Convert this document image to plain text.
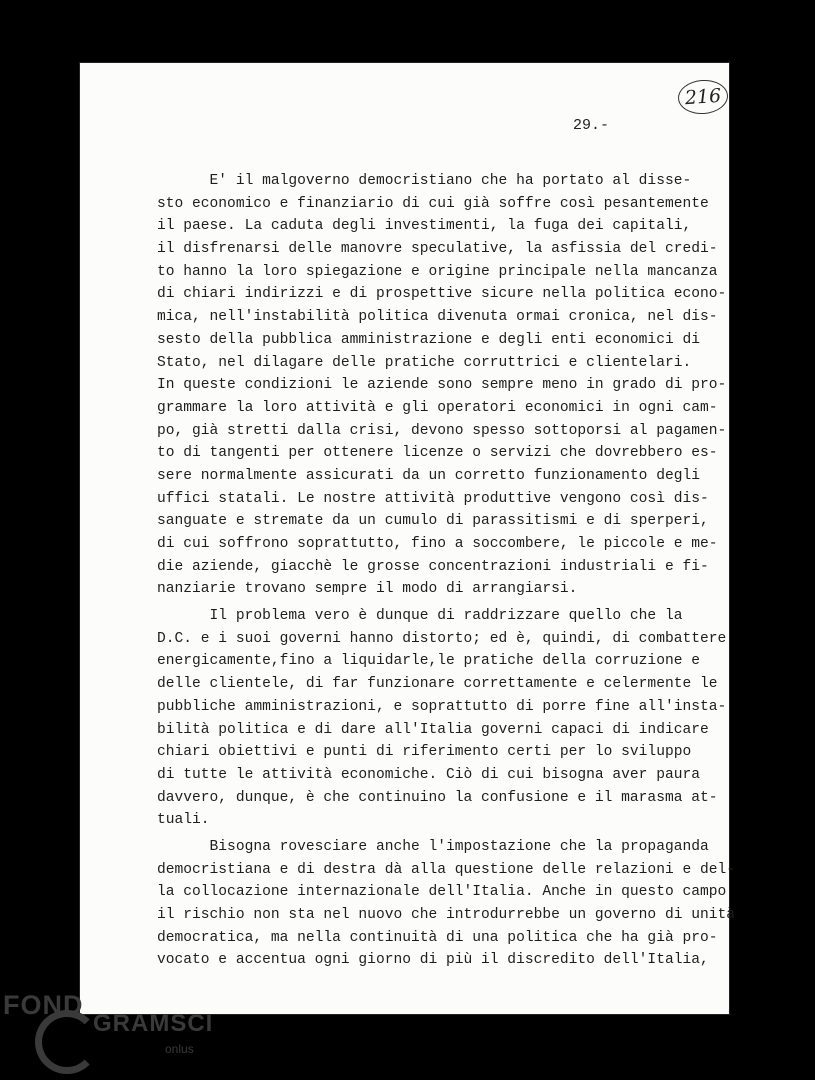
216
29.-
E' il malgoverno democristiano che ha portato al disse-
sto economico e finanziario di cui già soffre così pesantemente
il paese. La caduta degli investimenti, la fuga dei capitali,
il disfrenarsi delle manovre speculative, la asfissia del credi-
to hanno la loro spiegazione e origine principale nella mancanza
di chiari indirizzi e di prospettive sicure nella politica econo-
mica, nell'instabilità politica divenuta ormai cronica, nel dis-
sesto della pubblica amministrazione e degli enti economici di
Stato, nel dilagare delle pratiche corruttrici e clientelari.
In queste condizioni le aziende sono sempre meno in grado di pro-
grammare la loro attività e gli operatori economici in ogni cam-
po, già stretti dalla crisi, devono spesso sottoporsi al pagamen-
to di tangenti per ottenere licenze o servizi che dovrebbero es-
sere normalmente assicurati da un corretto funzionamento degli
uffici statali. Le nostre attività produttive vengono così dis-
sanguate e stremate da un cumulo di parassitismi e di sperperi,
di cui soffrono soprattutto, fino a soccombere, le piccole e me-
die aziende, giacchè le grosse concentrazioni industriali e fi-
nanziarie trovano sempre il modo di arrangiarsi.
Il problema vero è dunque di raddrizzare quello che la
D.C. e i suoi governi hanno distorto; ed è, quindi, di combattere
energicamente,fino a liquidarle,le pratiche della corruzione e
delle clientele, di far funzionare correttamente e celermente le
pubbliche amministrazioni, e soprattutto di porre fine all'insta-
bilità politica e di dare all'Italia governi capaci di indicare
chiari obiettivi e punti di riferimento certi per lo sviluppo
di tutte le attività economiche. Ciò di cui bisogna aver paura
davvero, dunque, è che continuino la confusione e il marasma at-
tuali.
Bisogna rovesciare anche l'impostazione che la propaganda
democristiana e di destra dà alla questione delle relazioni e del-
la collocazione internazionale dell'Italia. Anche in questo campo
il rischio non sta nel nuovo che introdurrebbe un governo di unità
democratica, ma nella continuità di una politica che ha già pro-
vocato e accentua ogni giorno di più il discredito dell'Italia,
FOND
GRAMSCI
onlus
